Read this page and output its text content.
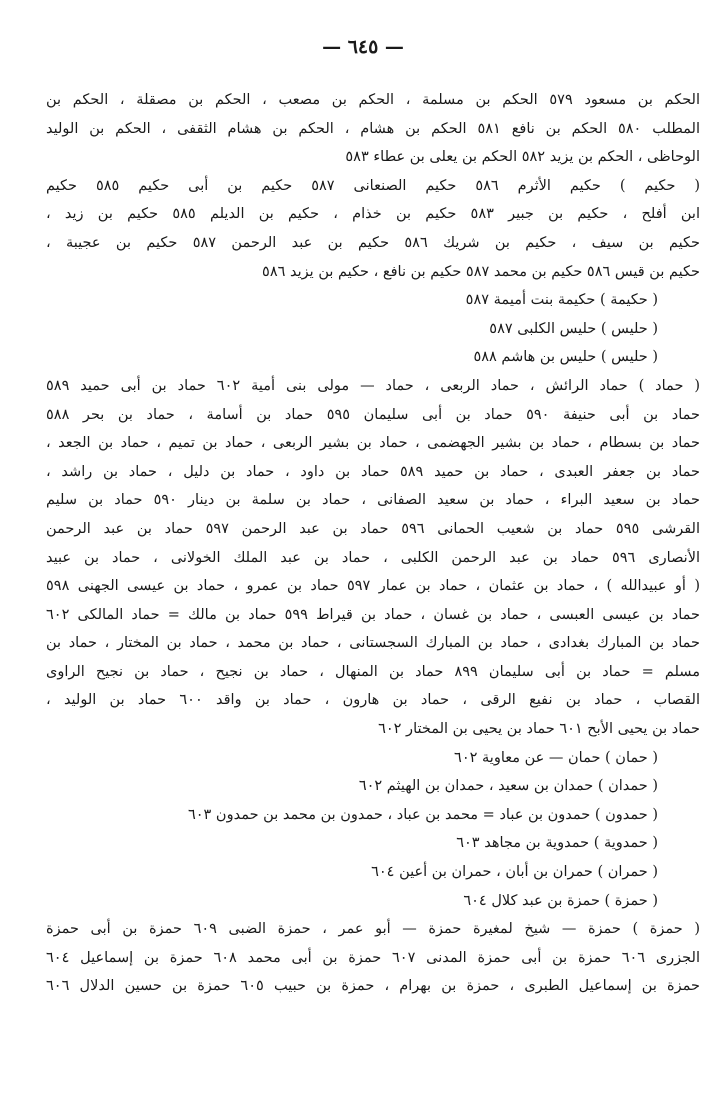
— ٦٤٥ —
الحكم بن مسعود ٥٧٩ الحكم بن مسلمة ، الحكم بن مصعب ، الحكم بن مصقلة ، الحكم بن
المطلب ٥٨٠ الحكم بن نافع ٥٨١ الحكم بن هشام ، الحكم بن هشام الثقفى ، الحكم بن الوليد
الوحاظى ، الحكم بن يزيد ٥٨٢ الحكم بن يعلى بن عطاء ٥٨٣
( حكيم ) حكيم الأثرم ٥٨٦ حكيم الصنعانى ٥٨٧ حكيم بن أبى حكيم ٥٨٥ حكيم
ابن أفلح ، حكيم بن جبير ٥٨٣ حكيم بن خذام ، حكيم بن الديلم ٥٨٥ حكيم بن زيد ،
حكيم بن سيف ، حكيم بن شريك ٥٨٦ حكيم بن عبد الرحمن ٥٨٧ حكيم بن عجيبة ،
حكيم بن قيس ٥٨٦ حكيم بن محمد ٥٨٧ حكيم بن نافع ، حكيم بن يزيد ٥٨٦
( حكيمة ) حكيمة بنت أميمة ٥٨٧
( حليس ) حليس الكلبى ٥٨٧
( حليس ) حليس بن هاشم ٥٨٨
( حماد ) حماد الرائش ، حماد الربعى ، حماد — مولى بنى أمية ٦٠٢ حماد بن أبى حميد ٥٨٩
حماد بن أبى حنيفة ٥٩٠ حماد بن أبى سليمان ٥٩٥ حماد بن أسامة ، حماد بن بحر ٥٨٨
حماد بن بسطام ، حماد بن بشير الجهضمى ، حماد بن بشير الربعى ، حماد بن تميم ، حماد بن الجعد ،
حماد بن جعفر العبدى ، حماد بن حميد ٥٨٩ حماد بن داود ، حماد بن دليل ، حماد بن راشد ،
حماد بن سعيد البراء ، حماد بن سعيد الصفانى ، حماد بن سلمة بن دينار ٥٩٠ حماد بن سليم
القرشى ٥٩٥ حماد بن شعيب الحمانى ٥٩٦ حماد بن عبد الرحمن ٥٩٧ حماد بن عبد الرحمن
الأنصارى ٥٩٦ حماد بن عبد الرحمن الكلبى ، حماد بن عبد الملك الخولانى ، حماد بن عبيد
( أو عبيدالله ) ، حماد بن عثمان ، حماد بن عمار ٥٩٧ حماد بن عمرو ، حماد بن عيسى الجهنى ٥٩٨
حماد بن عيسى العبسى ، حماد بن غسان ، حماد بن قيراط ٥٩٩ حماد بن مالك = حماد المالكى ٦٠٢
حماد بن المبارك بغدادى ، حماد بن المبارك السجستانى ، حماد بن محمد ، حماد بن المختار ، حماد بن
مسلم = حماد بن أبى سليمان ٨٩٩ حماد بن المنهال ، حماد بن نجيح ، حماد بن نجيح الراوى
القصاب ، حماد بن نفيع الرقى ، حماد بن هارون ، حماد بن واقد ٦٠٠ حماد بن الوليد ،
حماد بن يحيى الأبح ٦٠١ حماد بن يحيى بن المختار ٦٠٢
( حمان ) حمان — عن معاوية ٦٠٢
( حمدان ) حمدان بن سعيد ، حمدان بن الهيثم ٦٠٢
( حمدون ) حمدون بن عباد = محمد بن عباد ، حمدون بن محمد بن حمدون ٦٠٣
( حمدوية ) حمدوية بن مجاهد ٦٠٣
( حمران ) حمران بن أبان ، حمران بن أعين ٦٠٤
( حمزة ) حمزة بن عبد كلال ٦٠٤
( حمزة ) حمزة — شيخ لمغيرة حمزة — أبو عمر ، حمزة الضبى ٦٠٩ حمزة بن أبى حمزة
الجزرى ٦٠٦ حمزة بن أبى حمزة المدنى ٦٠٧ حمزة بن أبى محمد ٦٠٨ حمزة بن إسماعيل ٦٠٤
حمزة بن إسماعيل الطبرى ، حمزة بن بهرام ، حمزة بن حبيب ٦٠٥ حمزة بن حسين الدلال ٦٠٦
